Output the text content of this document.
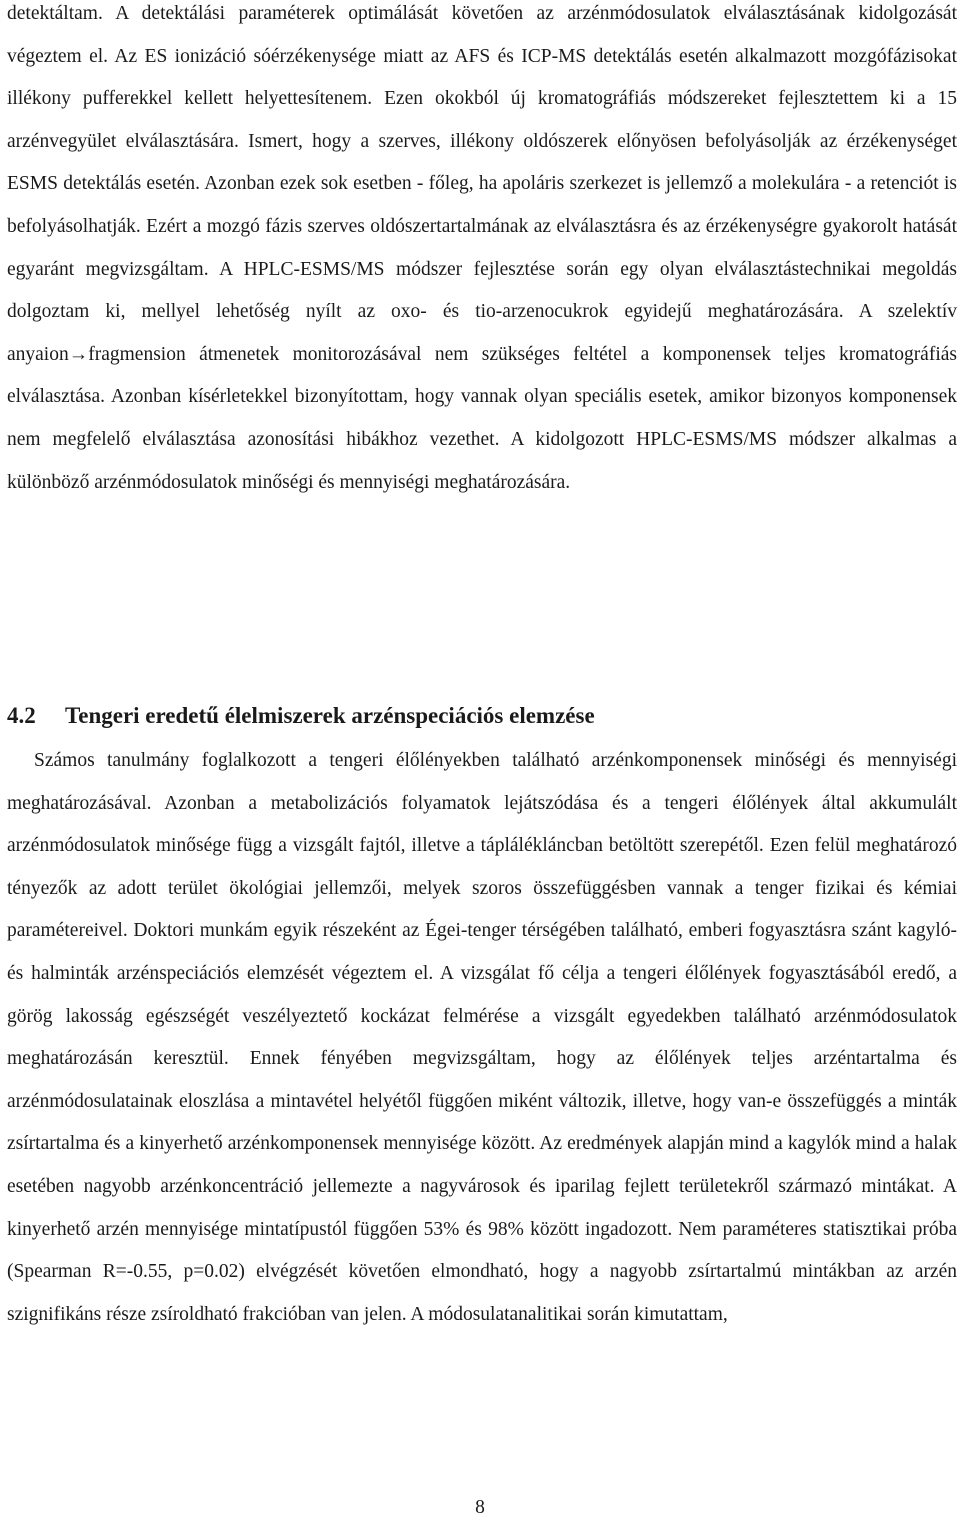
detektáltam. A detektálási paraméterek optimálását követően az arzénmódosulatok elválasztásának kidolgozását végeztem el. Az ES ionizáció sóérzékenysége miatt az AFS és ICP-MS detektálás esetén alkalmazott mozgófázisokat illékony pufferekkel kellett helyettesítenem. Ezen okokból új kromatográfiás módszereket fejlesztettem ki a 15 arzénvegyület elválasztására. Ismert, hogy a szerves, illékony oldószerek előnyösen befolyásolják az érzékenységet ESMS detektálás esetén. Azonban ezek sok esetben - főleg, ha apoláris szerkezet is jellemző a molekulára - a retenciót is befolyásolhatják. Ezért a mozgó fázis szerves oldószertartalmának az elválasztásra és az érzékenységre gyakorolt hatását egyaránt megvizsgáltam. A HPLC-ESMS/MS módszer fejlesztése során egy olyan elválasztástechnikai megoldás dolgoztam ki, mellyel lehetőség nyílt az oxo- és tio-arzenocukrok egyidejű meghatározására. A szelektív anyaion→fragmension átmenetek monitorozásával nem szükséges feltétel a komponensek teljes kromatográfiás elválasztása. Azonban kísérletekkel bizonyítottam, hogy vannak olyan speciális esetek, amikor bizonyos komponensek nem megfelelő elválasztása azonosítási hibákhoz vezethet. A kidolgozott HPLC-ESMS/MS módszer alkalmas a különböző arzénmódosulatok minőségi és mennyiségi meghatározására.

4.2 Tengeri eredetű élelmiszerek arzénspeciációs elemzése

Számos tanulmány foglalkozott a tengeri élőlényekben található arzénkomponensek minőségi és mennyiségi meghatározásával. Azonban a metabolizációs folyamatok lejátszódása és a tengeri élőlények által akkumulált arzénmódosulatok minősége függ a vizsgált fajtól, illetve a táplálékláncban betöltött szerepétől. Ezen felül meghatározó tényezők az adott terület ökológiai jellemzői, melyek szoros összefüggésben vannak a tenger fizikai és kémiai paramétereivel. Doktori munkám egyik részeként az Égei-tenger térségében található, emberi fogyasztásra szánt kagyló- és halminták arzénspeciációs elemzését végeztem el. A vizsgálat fő célja a tengeri élőlények fogyasztásából eredő, a görög lakosság egészségét veszélyeztető kockázat felmérése a vizsgált egyedekben található arzénmódosulatok meghatározásán keresztül. Ennek fényében megvizsgáltam, hogy az élőlények teljes arzéntartalma és arzénmódosulatainak eloszlása a mintavétel helyétől függően miként változik, illetve, hogy van-e összefüggés a minták zsírtartalma és a kinyerhető arzénkomponensek mennyisége között. Az eredmények alapján mind a kagylók mind a halak esetében nagyobb arzénkoncentráció jellemezte a nagyvárosok és iparilag fejlett területekről származó mintákat. A kinyerhető arzén mennyisége mintatípustól függően 53% és 98% között ingadozott. Nem paraméteres statisztikai próba (Spearman R=-0.55, p=0.02) elvégzését követően elmondható, hogy a nagyobb zsírtartalmú mintákban az arzén szignifikáns része zsíroldható frakcióban van jelen. A módosulatanalitikai során kimutattam,

8
